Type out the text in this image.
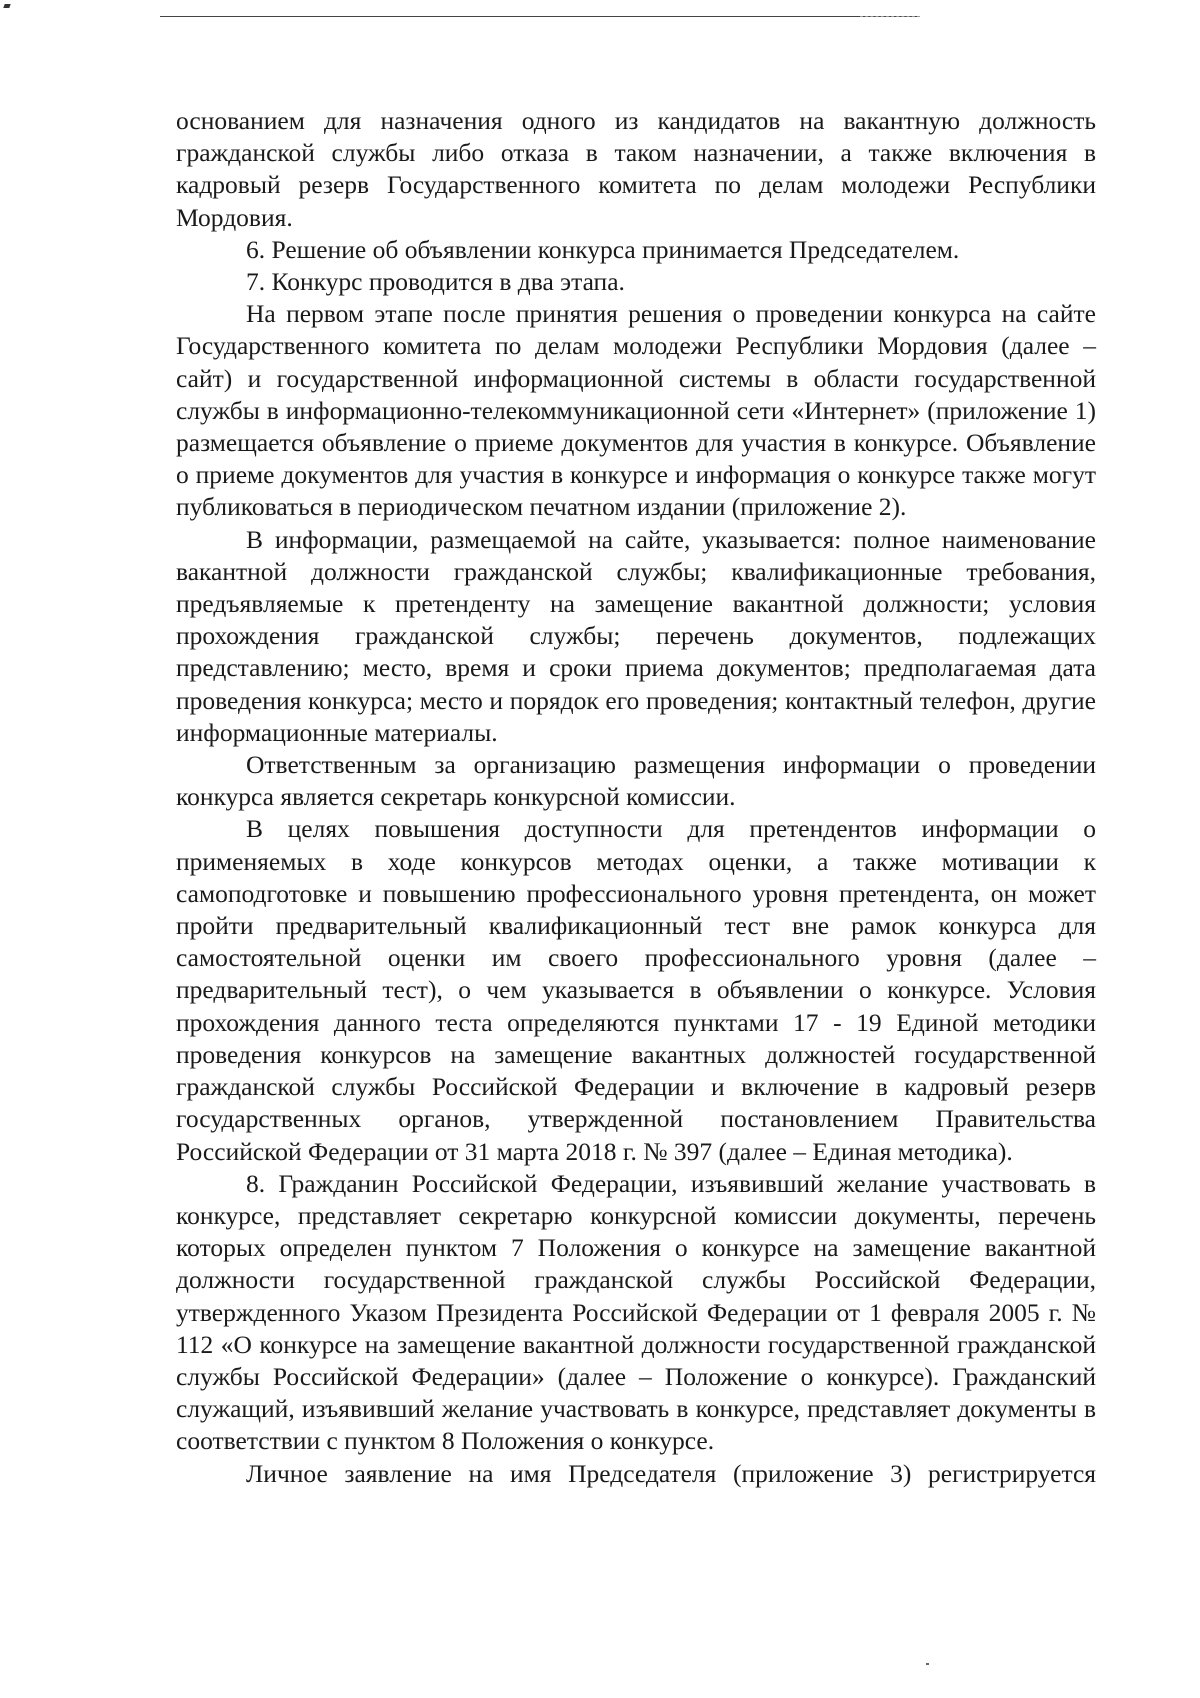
основанием для назначения одного из кандидатов на вакантную должность гражданской службы либо отказа в таком назначении, а также включения в кадровый резерв Государственного комитета по делам молодежи Республики Мордовия.

6. Решение об объявлении конкурса принимается Председателем.

7. Конкурс проводится в два этапа.

На первом этапе после принятия решения о проведении конкурса на сайте Государственного комитета по делам молодежи Республики Мордовия (далее – сайт) и государственной информационной системы в области государственной службы в информационно-телекоммуникационной сети «Интернет» (приложение 1) размещается объявление о приеме документов для участия в конкурсе. Объявление о приеме документов для участия в конкурсе и информация о конкурсе также могут публиковаться в периодическом печатном издании (приложение 2).

В информации, размещаемой на сайте, указывается: полное наименование вакантной должности гражданской службы; квалификационные требования, предъявляемые к претенденту на замещение вакантной должности; условия прохождения гражданской службы; перечень документов, подлежащих представлению; место, время и сроки приема документов; предполагаемая дата проведения конкурса; место и порядок его проведения; контактный телефон, другие информационные материалы.

Ответственным за организацию размещения информации о проведении конкурса является секретарь конкурсной комиссии.

В целях повышения доступности для претендентов информации о применяемых в ходе конкурсов методах оценки, а также мотивации к самоподготовке и повышению профессионального уровня претендента, он может пройти предварительный квалификационный тест вне рамок конкурса для самостоятельной оценки им своего профессионального уровня (далее – предварительный тест), о чем указывается в объявлении о конкурсе. Условия прохождения данного теста определяются пунктами 17 - 19 Единой методики проведения конкурсов на замещение вакантных должностей государственной гражданской службы Российской Федерации и включение в кадровый резерв государственных органов, утвержденной постановлением Правительства Российской Федерации от 31 марта 2018 г. № 397 (далее – Единая методика).

8. Гражданин Российской Федерации, изъявивший желание участвовать в конкурсе, представляет секретарю конкурсной комиссии документы, перечень которых определен пунктом 7 Положения о конкурсе на замещение вакантной должности государственной гражданской службы Российской Федерации, утвержденного Указом Президента Российской Федерации от 1 февраля 2005 г. № 112 «О конкурсе на замещение вакантной должности государственной гражданской службы Российской Федерации» (далее – Положение о конкурсе). Гражданский служащий, изъявивший желание участвовать в конкурсе, представляет документы в соответствии с пунктом 8 Положения о конкурсе.

Личное заявление на имя Председателя (приложение 3) регистрируется
